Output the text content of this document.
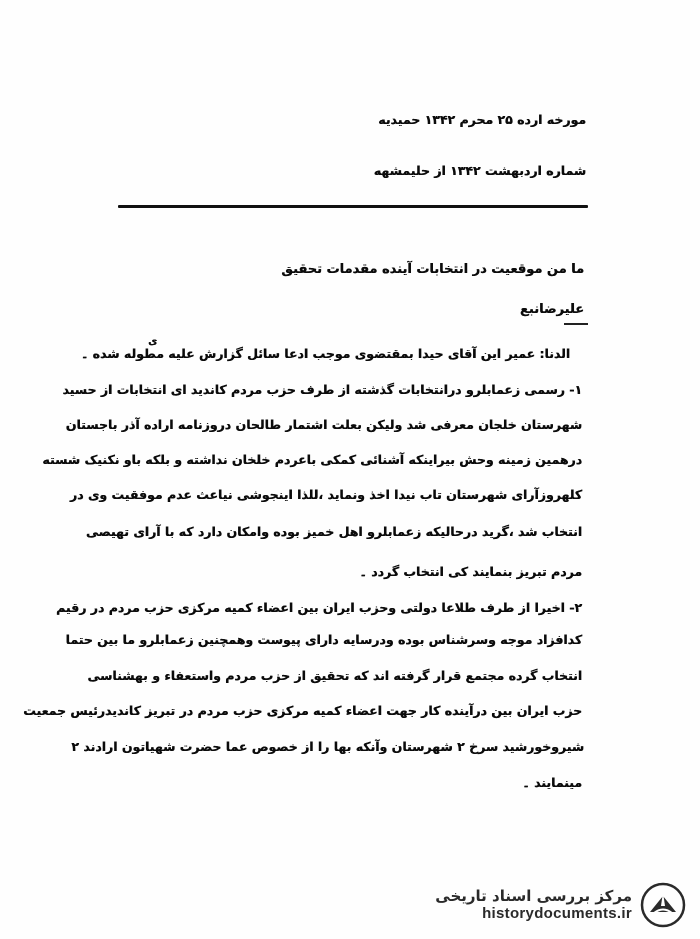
مورخه ارده ۲۵ محرم ۱۳۴۲ حمیدیه
شماره اردبهشت ۱۳۴۲ از حلیمشهه
ما من موقعیت در انتخابات آینده مقدمات تحقیق
علیرضانبع
ی
الدنا: عمیر این آقای حیدا بمقتضوی موجب ادعا سائل گزارش علیه مطوله شده ۔
۱- رسمی زعمابلرو درانتخابات گذشته از طرف حزب مردم کاندید ای انتخابات از حسید
شهرستان خلجان معرفی شد ولیکن بعلت اشتمار طالحان دروزنامه اراده آذر باجستان
درهمین زمینه وحش بیراینکه آشنائی کمکی باعردم خلخان نداشته و بلکه باو نکنیک شسته
کلهروزآرای شهرستان تاب نیدا اخذ ونماید ،للذا اینجوشی نیاعث عدم موفقیت وی در
انتخاب شد ،گرید درحالیکه زعمابلرو اهل خمیز بوده وامکان دارد که با آرای تهیصی
مردم تبریز بنمایند کی انتخاب گردد ۔
۲- اخیرا از طرف طلاعا دولتی وحزب ایران بین اعضاء کمیه مرکزی حزب مردم در رقیم
کدافزاد موجه وسرشناس بوده ودرسایه دارای پیوست وهمچنین زعمابلرو ما بین حتما
انتخاب گرده مجتمع قرار گرفته اند که تحقیق از حزب مردم واستعفاء و بهشناسی
حزب ایران بین درآینده کار جهت اعضاء کمیه مرکزی حزب مردم در تبریز کاندیدرئیس جمعیت
شیروخورشید سرخ ۲ شهرستان وآنکه بها را از خصوص عما حضرت شهیاتون ارادند ۲
مینمایند ۔
مرکز بررسی اسناد تاریخی
historydocuments.ir
